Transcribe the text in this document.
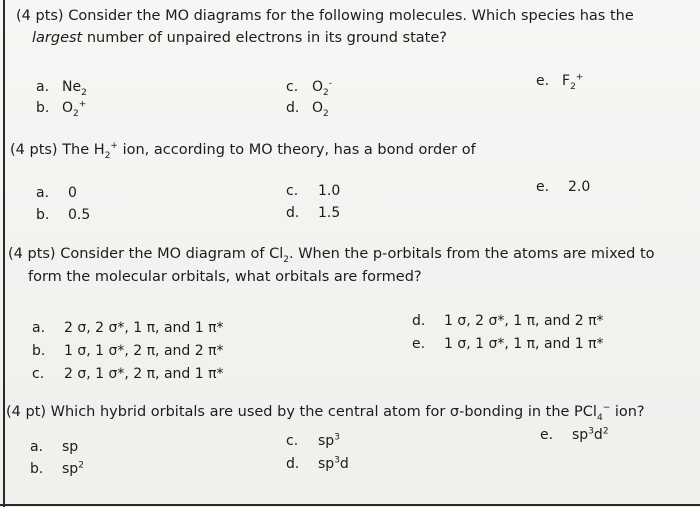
(4 pts) Consider the MO diagrams for the following molecules. Which species has the
largest number of unpaired electrons in its ground state?
a. $Ne_2$
b. $O_2^+$
c. $O_2^-$
d. $O_2$
e. $F_2^+$
(4 pts) The $H_2^+$ ion, according to MO theory, has a bond order of
a. 0
b. 0.5
c. 1.0
d. 1.5
e. 2.0
(4 pts) Consider the MO diagram of $Cl_2$. When the p-orbitals from the atoms are mixed to
form the molecular orbitals, what orbitals are formed?
a. 2 σ, 2 σ*, 1 π, and 1 π*
b. 1 σ, 1 σ*, 2 π, and 2 π*
c. 2 σ, 1 σ*, 2 π, and 1 π*
d. 1 σ, 2 σ*, 1 π, and 2 π*
e. 1 σ, 1 σ*, 1 π, and 1 π*
(4 pt) Which hybrid orbitals are used by the central atom for σ-bonding in the PCl$_4$− ion?
a. sp
b. $sp^2$
c. $sp^3$
d. $sp^3d$
e. $sp^3d^2$
